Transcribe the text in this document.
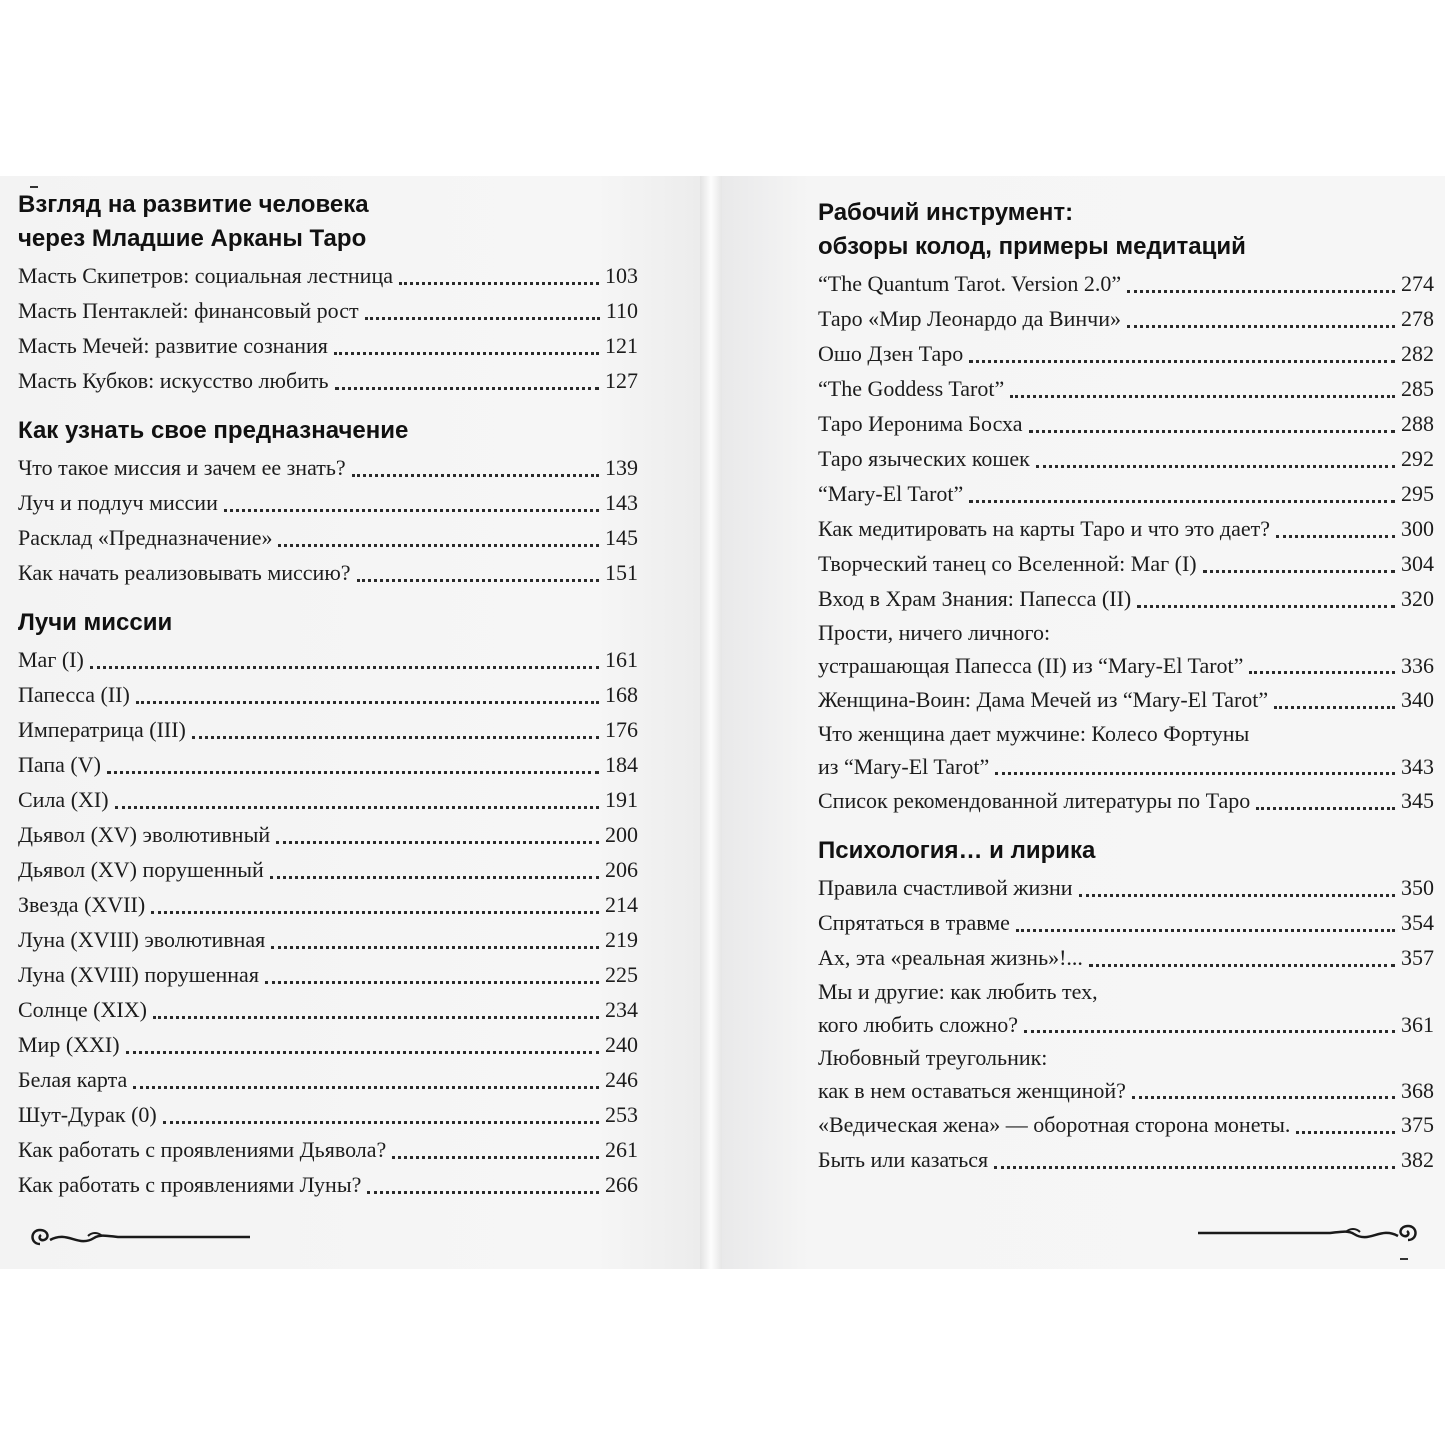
Взгляд на развитие человека
через Младшие Арканы Таро
Масть Скипетров: социальная лестница	103
Масть Пентаклей: финансовый рост	110
Масть Мечей: развитие сознания	121
Масть Кубков: искусство любить	127
Как узнать свое предназначение
Что такое миссия и зачем ее знать?	139
Луч и подлуч миссии	143
Расклад «Предназначение»	145
Как начать реализовывать миссию?	151
Лучи миссии
Маг (I)	161
Папесса (II)	168
Императрица (III)	176
Папа (V)	184
Сила (XI)	191
Дьявол (XV) эволютивный	200
Дьявол (XV) порушенный	206
Звезда (XVII)	214
Луна (XVIII) эволютивная	219
Луна (XVIII) порушенная	225
Солнце (XIX)	234
Мир (XXI)	240
Белая карта	246
Шут-Дурак (0)	253
Как работать с проявлениями Дьявола?	261
Как работать с проявлениями Луны?	266
Рабочий инструмент:
обзоры колод, примеры медитаций
“The Quantum Tarot. Version 2.0”	274
Таро «Мир Леонардо да Винчи»	278
Ошо Дзен Таро	282
“The Goddess Tarot”	285
Таро Иеронима Босха	288
Таро языческих кошек	292
“Mary-El Tarot”	295
Как медитировать на карты Таро и что это дает?	300
Творческий танец со Вселенной: Маг (I)	304
Вход в Храм Знания: Папесса (II)	320
Прости, ничего личного:
устрашающая Папесса (II) из “Mary-El Tarot”	336
Женщина-Воин: Дама Мечей из “Mary-El Tarot”	340
Что женщина дает мужчине: Колесо Фортуны
из “Mary-El Tarot”	343
Список рекомендованной литературы по Таро	345
Психология… и лирика
Правила счастливой жизни	350
Спрятаться в травме	354
Ах, эта «реальная жизнь»!...	357
Мы и другие: как любить тех,
кого любить сложно?	361
Любовный треугольник:
как в нем оставаться женщиной?	368
«Ведическая жена» — оборотная сторона монеты.	375
Быть или казаться	382
